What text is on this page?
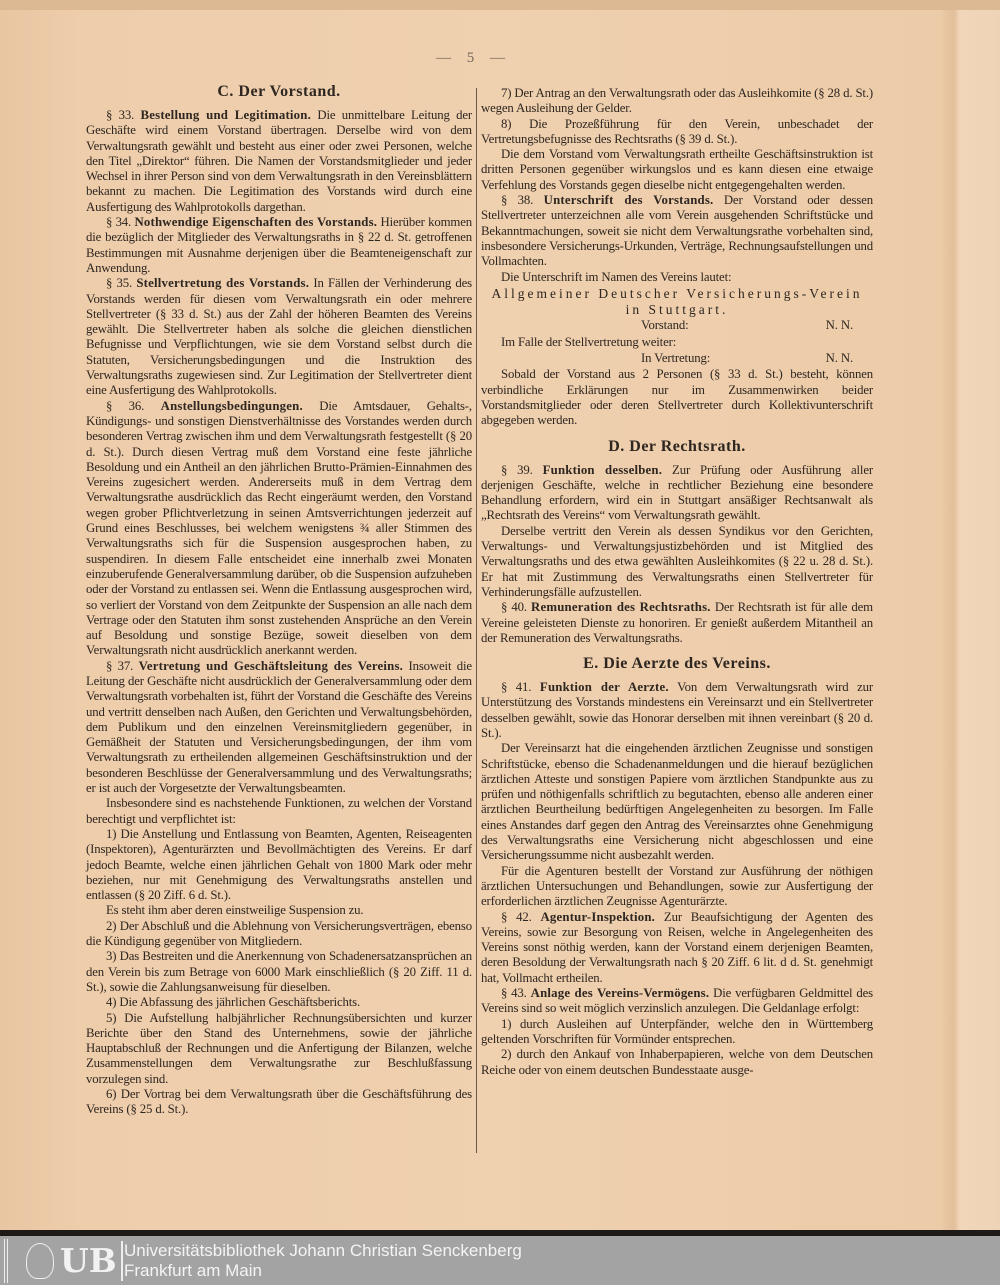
— 5 —
C. Der Vorstand.

§ 33. Bestellung und Legitimation. Die unmittelbare Leitung der Geschäfte wird einem Vorstand übertragen. Derselbe wird von dem Verwaltungsrath gewählt und besteht aus einer oder zwei Personen, welche den Titel „Direktor“ führen. Die Namen der Vorstandsmitglieder und jeder Wechsel in ihrer Person sind von dem Verwaltungsrath in den Vereinsblättern bekannt zu machen. Die Legitimation des Vorstands wird durch eine Ausfertigung des Wahlprotokolls dargethan.

§ 34. Nothwendige Eigenschaften des Vorstands. Hierüber kommen die bezüglich der Mitglieder des Verwaltungsraths in § 22 d. St. getroffenen Bestimmungen mit Ausnahme derjenigen über die Beamteneigenschaft zur Anwendung.

§ 35. Stellvertretung des Vorstands. In Fällen der Verhinderung des Vorstands werden für diesen vom Verwaltungsrath ein oder mehrere Stellvertreter (§ 33 d. St.) aus der Zahl der höheren Beamten des Vereins gewählt. Die Stellvertreter haben als solche die gleichen dienstlichen Befugnisse und Verpflichtungen, wie sie dem Vorstand selbst durch die Statuten, Versicherungsbedingungen und die Instruktion des Verwaltungsraths zugewiesen sind. Zur Legitimation der Stellvertreter dient eine Ausfertigung des Wahlprotokolls.

§ 36. Anstellungsbedingungen. Die Amtsdauer, Gehalts-, Kündigungs- und sonstigen Dienstverhältnisse des Vorstandes werden durch besonderen Vertrag zwischen ihm und dem Verwaltungsrath festgestellt (§ 20 d. St.). Durch diesen Vertrag muß dem Vorstand eine feste jährliche Besoldung und ein Antheil an den jährlichen Brutto-Prämien-Einnahmen des Vereins zugesichert werden. Andererseits muß in dem Vertrag dem Verwaltungsrathe ausdrücklich das Recht eingeräumt werden, den Vorstand wegen grober Pflichtverletzung in seinen Amtsverrichtungen jederzeit auf Grund eines Beschlusses, bei welchem wenigstens ¾ aller Stimmen des Verwaltungsraths sich für die Suspension ausgesprochen haben, zu suspendiren. In diesem Falle entscheidet eine innerhalb zwei Monaten einzuberufende Generalversammlung darüber, ob die Suspension aufzuheben oder der Vorstand zu entlassen sei. Wenn die Entlassung ausgesprochen wird, so verliert der Vorstand von dem Zeitpunkte der Suspension an alle nach dem Vertrage oder den Statuten ihm sonst zustehenden Ansprüche an den Verein auf Besoldung und sonstige Bezüge, soweit dieselben von dem Verwaltungsrath nicht ausdrücklich anerkannt werden.

§ 37. Vertretung und Geschäftsleitung des Vereins. Insoweit die Leitung der Geschäfte nicht ausdrücklich der Generalversammlung oder dem Verwaltungsrath vorbehalten ist, führt der Vorstand die Geschäfte des Vereins und vertritt denselben nach Außen, den Gerichten und Verwaltungsbehörden, dem Publikum und den einzelnen Vereinsmitgliedern gegenüber, in Gemäßheit der Statuten und Versicherungsbedingungen, der ihm vom Verwaltungsrath zu ertheilenden allgemeinen Geschäftsinstruktion und der besonderen Beschlüsse der Generalversammlung und des Verwaltungsraths; er ist auch der Vorgesetzte der Verwaltungsbeamten.

Insbesondere sind es nachstehende Funktionen, zu welchen der Vorstand berechtigt und verpflichtet ist:

1) Die Anstellung und Entlassung von Beamten, Agenten, Reiseagenten (Inspektoren), Agenturärzten und Bevollmächtigten des Vereins. Er darf jedoch Beamte, welche einen jährlichen Gehalt von 1800 Mark oder mehr beziehen, nur mit Genehmigung des Verwaltungsraths anstellen und entlassen (§ 20 Ziff. 6 d. St.).

Es steht ihm aber deren einstweilige Suspension zu.

2) Der Abschluß und die Ablehnung von Versicherungsverträgen, ebenso die Kündigung gegenüber von Mitgliedern.

3) Das Bestreiten und die Anerkennung von Schadenersatzansprüchen an den Verein bis zum Betrage von 6000 Mark einschließlich (§ 20 Ziff. 11 d. St.), sowie die Zahlungsanweisung für dieselben.

4) Die Abfassung des jährlichen Geschäftsberichts.

5) Die Aufstellung halbjährlicher Rechnungsübersichten und kurzer Berichte über den Stand des Unternehmens, sowie der jährliche Hauptabschluß der Rechnungen und die Anfertigung der Bilanzen, welche Zusammenstellungen dem Verwaltungsrathe zur Beschlußfassung vorzulegen sind.

6) Der Vortrag bei dem Verwaltungsrath über die Geschäftsführung des Vereins (§ 25 d. St.).

7) Der Antrag an den Verwaltungsrath oder das Ausleihkomite (§ 28 d. St.) wegen Ausleihung der Gelder.

8) Die Prozeßführung für den Verein, unbeschadet der Vertretungsbefugnisse des Rechtsraths (§ 39 d. St.).

Die dem Vorstand vom Verwaltungsrath ertheilte Geschäftsinstruktion ist dritten Personen gegenüber wirkungslos und es kann diesen eine etwaige Verfehlung des Vorstands gegen dieselbe nicht entgegengehalten werden.

§ 38. Unterschrift des Vorstands. Der Vorstand oder dessen Stellvertreter unterzeichnen alle vom Verein ausgehenden Schriftstücke und Bekanntmachungen, soweit sie nicht dem Verwaltungsrathe vorbehalten sind, insbesondere Versicherungs-Urkunden, Verträge, Rechnungsaufstellungen und Vollmachten.

Die Unterschrift im Namen des Vereins lautet:

Allgemeiner Deutscher Versicherungs-Verein
in Stuttgart.
Vorstand:	N. N.
Im Falle der Stellvertretung weiter:
In Vertretung:	N. N.

Sobald der Vorstand aus 2 Personen (§ 33 d. St.) besteht, können verbindliche Erklärungen nur im Zusammenwirken beider Vorstandsmitglieder oder deren Stellvertreter durch Kollektivunterschrift abgegeben werden.

D. Der Rechtsrath.

§ 39. Funktion desselben. Zur Prüfung oder Ausführung aller derjenigen Geschäfte, welche in rechtlicher Beziehung eine besondere Behandlung erfordern, wird ein in Stuttgart ansäßiger Rechtsanwalt als „Rechtsrath des Vereins“ vom Verwaltungsrath gewählt.

Derselbe vertritt den Verein als dessen Syndikus vor den Gerichten, Verwaltungs- und Verwaltungsjustizbehörden und ist Mitglied des Verwaltungsraths und des etwa gewählten Ausleihkomites (§ 22 u. 28 d. St.). Er hat mit Zustimmung des Verwaltungsraths einen Stellvertreter für Verhinderungsfälle aufzustellen.

§ 40. Remuneration des Rechtsraths. Der Rechtsrath ist für alle dem Vereine geleisteten Dienste zu honoriren. Er genießt außerdem Mitantheil an der Remuneration des Verwaltungsraths.

E. Die Aerzte des Vereins.

§ 41. Funktion der Aerzte. Von dem Verwaltungsrath wird zur Unterstützung des Vorstands mindestens ein Vereinsarzt und ein Stellvertreter desselben gewählt, sowie das Honorar derselben mit ihnen vereinbart (§ 20 d. St.).

Der Vereinsarzt hat die eingehenden ärztlichen Zeugnisse und sonstigen Schriftstücke, ebenso die Schadenanmeldungen und die hierauf bezüglichen ärztlichen Atteste und sonstigen Papiere vom ärztlichen Standpunkte aus zu prüfen und nöthigenfalls schriftlich zu begutachten, ebenso alle anderen einer ärztlichen Beurtheilung bedürftigen Angelegenheiten zu besorgen. Im Falle eines Anstandes darf gegen den Antrag des Vereinsarztes ohne Genehmigung des Verwaltungsraths eine Versicherung nicht abgeschlossen und eine Versicherungssumme nicht ausbezahlt werden.

Für die Agenturen bestellt der Vorstand zur Ausführung der nöthigen ärztlichen Untersuchungen und Behandlungen, sowie zur Ausfertigung der erforderlichen ärztlichen Zeugnisse Agenturärzte.

§ 42. Agentur-Inspektion. Zur Beaufsichtigung der Agenten des Vereins, sowie zur Besorgung von Reisen, welche in Angelegenheiten des Vereins sonst nöthig werden, kann der Vorstand einem derjenigen Beamten, deren Besoldung der Verwaltungsrath nach § 20 Ziff. 6 lit. d d. St. genehmigt hat, Vollmacht ertheilen.

§ 43. Anlage des Vereins-Vermögens. Die verfügbaren Geldmittel des Vereins sind so weit möglich verzinslich anzulegen. Die Geldanlage erfolgt:

1) durch Ausleihen auf Unterpfänder, welche den in Württemberg geltenden Vorschriften für Vormünder entsprechen.

2) durch den Ankauf von Inhaberpapieren, welche von dem Deutschen Reiche oder von einem deutschen Bundesstaate ausge-

UB Universitätsbibliothek Johann Christian Senckenberg
Frankfurt am Main
